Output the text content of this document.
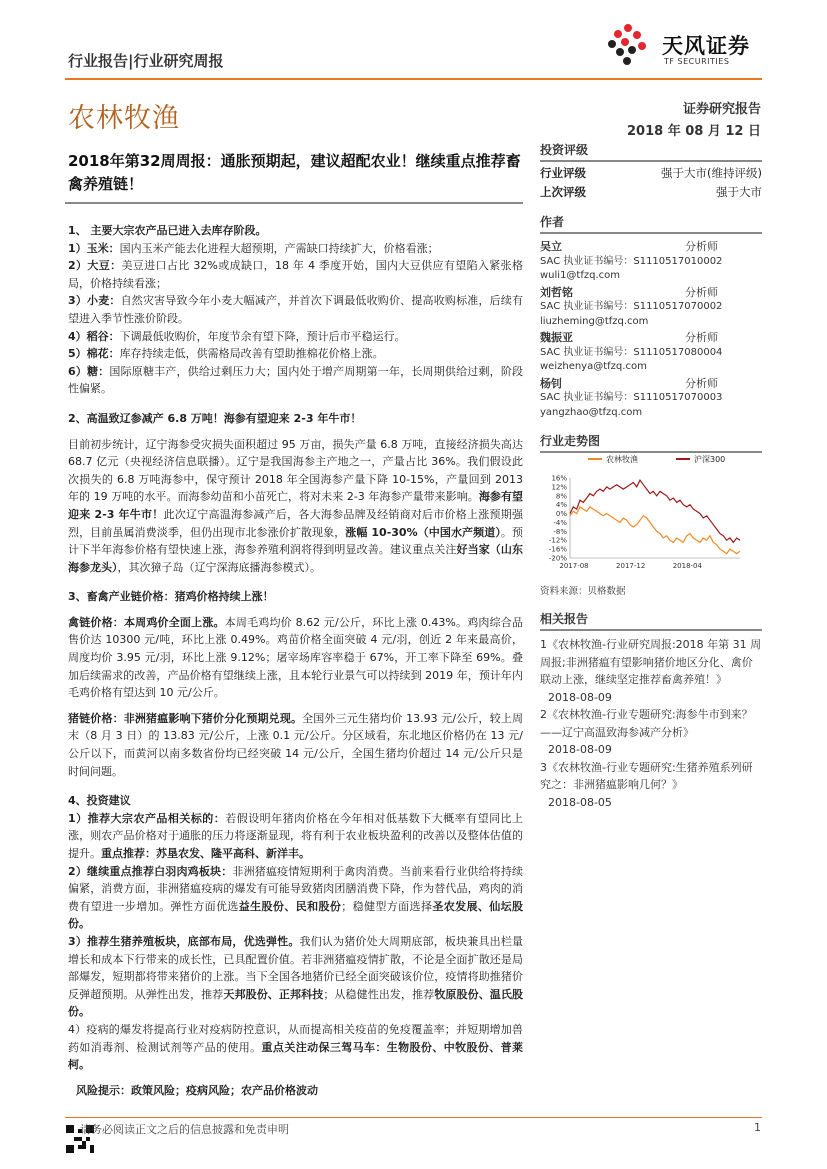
天风证券
TF SECURITIES
行业报告|行业研究周报
农林牧渔	证券研究报告
2018 年 08 月 12 日
2018年第32周周报：通胀预期起，建议超配农业！继续重点推荐畜禽养殖链！

1、 主要大宗农产品已进入去库存阶段。

1）玉米：国内玉米产能去化进程大超预期，产需缺口持续扩大，价格看涨；

2）大豆：美豆进口占比 32%或成缺口，18 年 4 季度开始，国内大豆供应有望陷入紧张格局，价格持续看涨；

3）小麦：自然灾害导致今年小麦大幅减产，并首次下调最低收购价、提高收购标准，后续有望进入季节性涨价阶段。

4）稻谷：下调最低收购价，年度节余有望下降，预计后市平稳运行。

5）棉花：库存持续走低，供需格局改善有望助推棉花价格上涨。

6）糖：国际原糖丰产，供给过剩压力大；国内处于增产周期第一年，长周期供给过剩，阶段性偏紧。

2、高温致辽参减产 6.8 万吨！海参有望迎来 2-3 年牛市！

目前初步统计，辽宁海参受灾损失面积超过 95 万亩，损失产量 6.8 万吨，直接经济损失高达 68.7 亿元（央视经济信息联播）。辽宁是我国海参主产地之一，产量占比 36%。我们假设此次损失的 6.8 万吨海参中，保守预计 2018 年全国海参产量下降 10-15%，产量回到 2013 年的 19 万吨的水平。而海参幼苗和小苗死亡，将对未来 2-3 年海参产量带来影响。海参有望迎来 2-3 年牛市！此次辽宁高温海参减产后，各大海参品牌及经销商对后市价格上涨预期强烈，目前虽属消费淡季，但仍出现市北参涨价扩散现象，涨幅 10-30%（中国水产频道）。预计下半年海参价格有望快速上涨，海参养殖利润将得到明显改善。建议重点关注好当家（山东海参龙头），其次獐子岛（辽宁深海底播海参模式）。

3、畜禽产业链价格：猪鸡价格持续上涨！

禽链价格：本周鸡价全面上涨。本周毛鸡均价 8.62 元/公斤，环比上涨 0.43%。鸡肉综合品售价达 10300 元/吨，环比上涨 0.49%。鸡苗价格全面突破 4 元/羽，创近 2 年来最高价，周度均价 3.95 元/羽，环比上涨 9.12%；屠宰场库容率稳于 67%，开工率下降至 69%。叠加后续需求的改善，产品价格有望继续上涨，且本轮行业景气可以持续到 2019 年，预计年内毛鸡价格有望达到 10 元/公斤。

猪链价格：非洲猪瘟影响下猪价分化预期兑现。全国外三元生猪均价 13.93 元/公斤，较上周末（8 月 3 日）的 13.83 元/公斤，上涨 0.1 元/公斤。分区域看，东北地区价格仍在 13 元/公斤以下，而黄河以南多数省份均已经突破 14 元/公斤，全国生猪均价超过 14 元/公斤只是时间问题。

4、投资建议

1）推荐大宗农产品相关标的：若假设明年猪肉价格在今年相对低基数下大概率有望同比上涨，则农产品价格对于通胀的压力将逐渐显现，将有利于农业板块盈利的改善以及整体估值的提升。重点推荐：苏垦农发、隆平高科、新洋丰。

2）继续重点推荐白羽肉鸡板块：非洲猪瘟疫情短期利于禽肉消费。当前来看行业供给将持续偏紧，消费方面，非洲猪瘟疫病的爆发有可能导致猪肉团膳消费下降，作为替代品，鸡肉的消费有望进一步增加。弹性方面优选益生股份、民和股份；稳健型方面选择圣农发展、仙坛股份。

3）推荐生猪养殖板块，底部布局，优选弹性。我们认为猪价处大周期底部，板块兼具出栏量增长和成本下行带来的成长性，已具配置价值。若非洲猪瘟疫情扩散，不论是全面扩散还是局部爆发，短期都将带来猪价的上涨。当下全国各地猪价已经全面突破该价位，疫情将助推猪价反弹超预期。从弹性出发，推荐天邦股份、正邦科技；从稳健性出发，推荐牧原股份、温氏股份。

4）疫病的爆发将提高行业对疫病防控意识，从而提高相关疫苗的免疫覆盖率；并短期增加兽药如消毒剂、检测试剂等产品的使用。重点关注动保三驾马车：生物股份、中牧股份、普莱柯。

风险提示：政策风险；疫病风险；农产品价格波动

投资评级
行业评级	强于大市(维持评级)
上次评级	强于大市
作者
吴立	分析师
SAC 执业证书编号：S1110517010002
wuli1@tfzq.com
刘哲铭	分析师
SAC 执业证书编号：S1110517070002
liuzheming@tfzq.com
魏振亚	分析师
SAC 执业证书编号：S1110517080004
weizhenya@tfzq.com
杨钊	分析师
SAC 执业证书编号：S1110517070003
yangzhao@tfzq.com
行业走势图
16%
12%
8%
4%
0%
-4%
-8%
-12%
-16%
-20%
2017-08	2017-12	2018-04
农林牧渔	沪深300
资料来源：贝格数据
相关报告

1《农林牧渔-行业研究周报:2018 年第 31 周周报;非洲猪瘟有望影响猪价地区分化、禽价联动上涨，继续坚定推荐畜禽养殖！》

2018-08-09

2《农林牧渔-行业专题研究:海参牛市到来？——辽宁高温致海参减产分析》

2018-08-09

3《农林牧渔-行业专题研究:生猪养殖系列研究之：非洲猪瘟影响几何？》

2018-08-05

请务必阅读正文之后的信息披露和免责申明	1
